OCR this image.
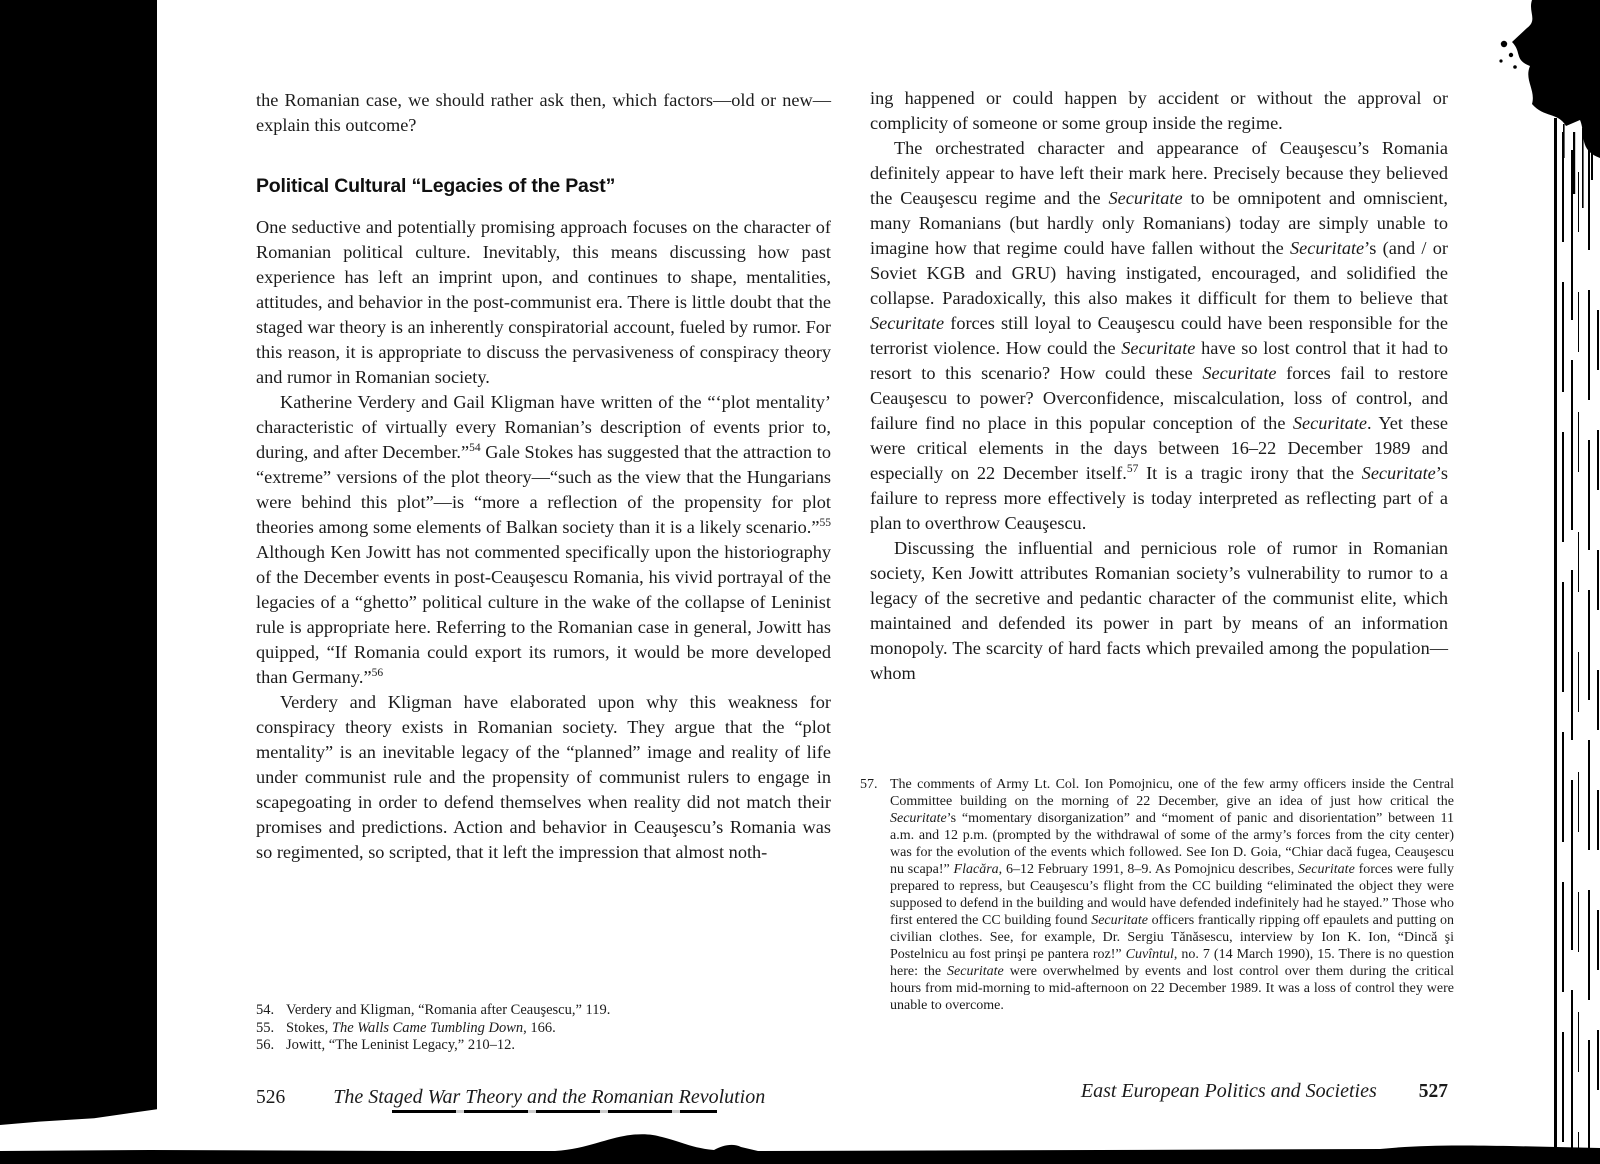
the Romanian case, we should rather ask then, which factors—old or new—explain this outcome?

Political Cultural “Legacies of the Past”

One seductive and potentially promising approach focuses on the character of Romanian political culture. Inevitably, this means discussing how past experience has left an imprint upon, and continues to shape, mentalities, attitudes, and behavior in the post-communist era. There is little doubt that the staged war theory is an inherently conspiratorial account, fueled by rumor. For this reason, it is appropriate to discuss the pervasiveness of conspiracy theory and rumor in Romanian society.

Katherine Verdery and Gail Kligman have written of the “‘plot mentality’ characteristic of virtually every Romanian’s description of events prior to, during, and after December.”$^{54}$ Gale Stokes has suggested that the attraction to “extreme” versions of the plot theory—“such as the view that the Hungarians were behind this plot”—is “more a reflection of the propensity for plot theories among some elements of Balkan society than it is a likely scenario.”$^{55}$ Although Ken Jowitt has not commented specifically upon the historiography of the December events in post-Ceauşescu Romania, his vivid portrayal of the legacies of a “ghetto” political culture in the wake of the collapse of Leninist rule is appropriate here. Referring to the Romanian case in general, Jowitt has quipped, “If Romania could export its rumors, it would be more developed than Germany.”$^{56}$

Verdery and Kligman have elaborated upon why this weakness for conspiracy theory exists in Romanian society. They argue that the “plot mentality” is an inevitable legacy of the “planned” image and reality of life under communist rule and the propensity of communist rulers to engage in scapegoating in order to defend themselves when reality did not match their promises and predictions. Action and behavior in Ceauşescu’s Romania was so regimented, so scripted, that it left the impression that almost noth-

54. Verdery and Kligman, “Romania after Ceauşescu,” 119.

55. Stokes, The Walls Came Tumbling Down, 166.

56. Jowitt, “The Leninist Legacy,” 210–12.

526 The Staged War Theory and the Romanian Revolution

ing happened or could happen by accident or without the approval or complicity of someone or some group inside the regime.

The orchestrated character and appearance of Ceauşescu’s Romania definitely appear to have left their mark here. Precisely because they believed the Ceauşescu regime and the Securitate to be omnipotent and omniscient, many Romanians (but hardly only Romanians) today are simply unable to imagine how that regime could have fallen without the Securitate’s (and / or Soviet KGB and GRU) having instigated, encouraged, and solidified the collapse. Paradoxically, this also makes it difficult for them to believe that Securitate forces still loyal to Ceauşescu could have been responsible for the terrorist violence. How could the Securitate have so lost control that it had to resort to this scenario? How could these Securitate forces fail to restore Ceauşescu to power? Overconfidence, miscalculation, loss of control, and failure find no place in this popular conception of the Securitate. Yet these were critical elements in the days between 16–22 December 1989 and especially on 22 December itself.$^{57}$ It is a tragic irony that the Securitate’s failure to repress more effectively is today interpreted as reflecting part of a plan to overthrow Ceauşescu.

Discussing the influential and pernicious role of rumor in Romanian society, Ken Jowitt attributes Romanian society’s vulnerability to rumor to a legacy of the secretive and pedantic character of the communist elite, which maintained and defended its power in part by means of an information monopoly. The scarcity of hard facts which prevailed among the population—whom

57. The comments of Army Lt. Col. Ion Pomojnicu, one of the few army officers inside the Central Committee building on the morning of 22 December, give an idea of just how critical the Securitate’s “momentary disorganization” and “moment of panic and disorientation” between 11 a.m. and 12 p.m. (prompted by the withdrawal of some of the army’s forces from the city center) was for the evolution of the events which followed. See Ion D. Goia, “Chiar dacă fugea, Ceauşescu nu scapa!” Flacăra, 6–12 February 1991, 8–9. As Pomojnicu describes, Securitate forces were fully prepared to repress, but Ceauşescu’s flight from the CC building “eliminated the object they were supposed to defend in the building and would have defended indefinitely had he stayed.” Those who first entered the CC building found Securitate officers frantically ripping off epaulets and putting on civilian clothes. See, for example, Dr. Sergiu Tănăsescu, interview by Ion K. Ion, “Dincă şi Postelnicu au fost prinşi pe pantera roz!” Cuvîntul, no. 7 (14 March 1990), 15. There is no question here: the Securitate were overwhelmed by events and lost control over them during the critical hours from mid-morning to mid-afternoon on 22 December 1989. It was a loss of control they were unable to overcome.

East European Politics and Societies 527
